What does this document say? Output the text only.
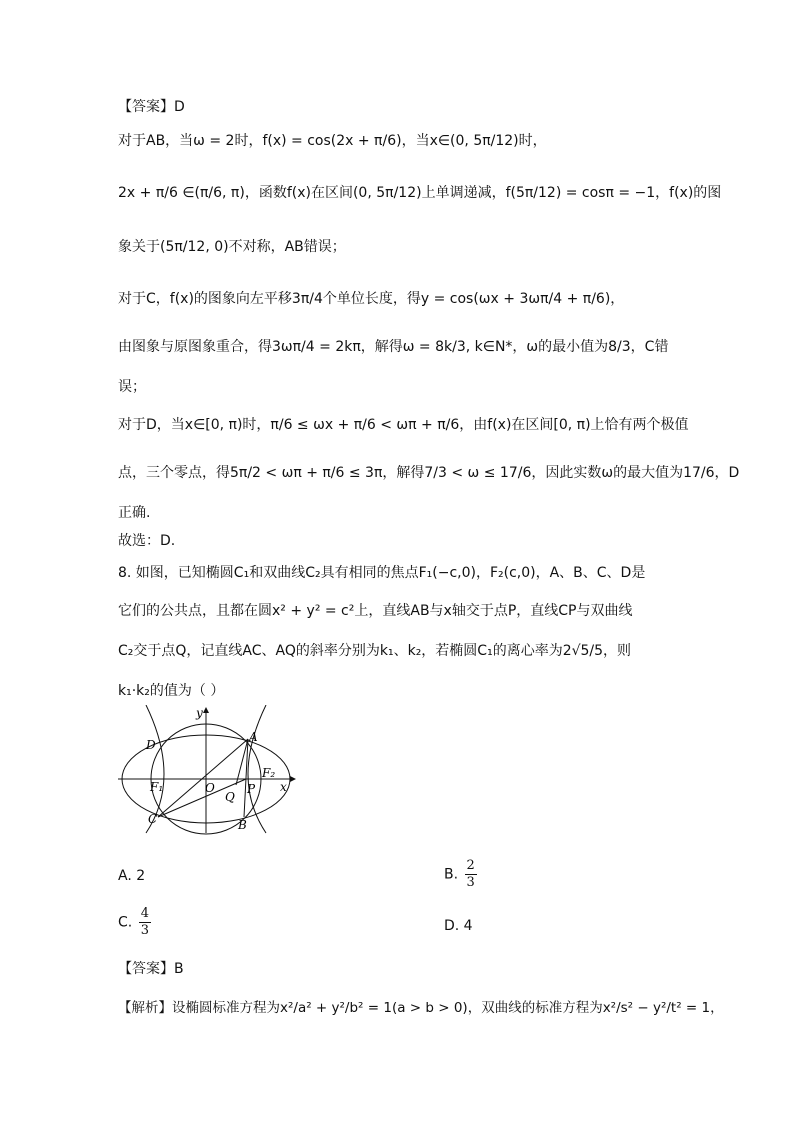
【答案】D
对于AB，当ω = 2时，f(x) = cos(2x + π/6)，当x∈(0, 5π/12)时，
2x + π/6 ∈(π/6, π)，函数f(x)在区间(0, 5π/12)上单调递减，f(5π/12) = cosπ = −1，f(x)的图
象关于(5π/12, 0)不对称，AB错误；
对于C，f(x)的图象向左平移3π/4个单位长度，得y = cos(ωx + 3ωπ/4 + π/6)，
由图象与原图象重合，得3ωπ/4 = 2kπ，解得ω = 8k/3, k∈N*，ω的最小值为8/3，C错
误；
对于D，当x∈[0, π)时，π/6 ≤ ωx + π/6 < ωπ + π/6，由f(x)在区间[0, π)上恰有两个极值
点，三个零点，得5π/2 < ωπ + π/6 ≤ 3π，解得7/3 < ω ≤ 17/6，因此实数ω的最大值为17/6，D
正确.
故选：D.
8. 如图，已知椭圆C₁和双曲线C₂具有相同的焦点F₁(−c,0)，F₂(c,0)，A、B、C、D是
它们的公共点，且都在圆x² + y² = c²上，直线AB与x轴交于点P，直线CP与双曲线
C₂交于点Q，记直线AC、AQ的斜率分别为k₁、k₂，若椭圆C₁的离心率为2√5/5，则
k₁·k₂的值为（ ）
y
x
O
A
B
C
D
P
Q
F₁
F₂
A. 2	B. $\frac{2}{3}$
C. $\frac{4}{3}$	D. 4
【答案】B
【解析】设椭圆标准方程为x²/a² + y²/b² = 1(a > b > 0)，双曲线的标准方程为x²/s² − y²/t² = 1，
